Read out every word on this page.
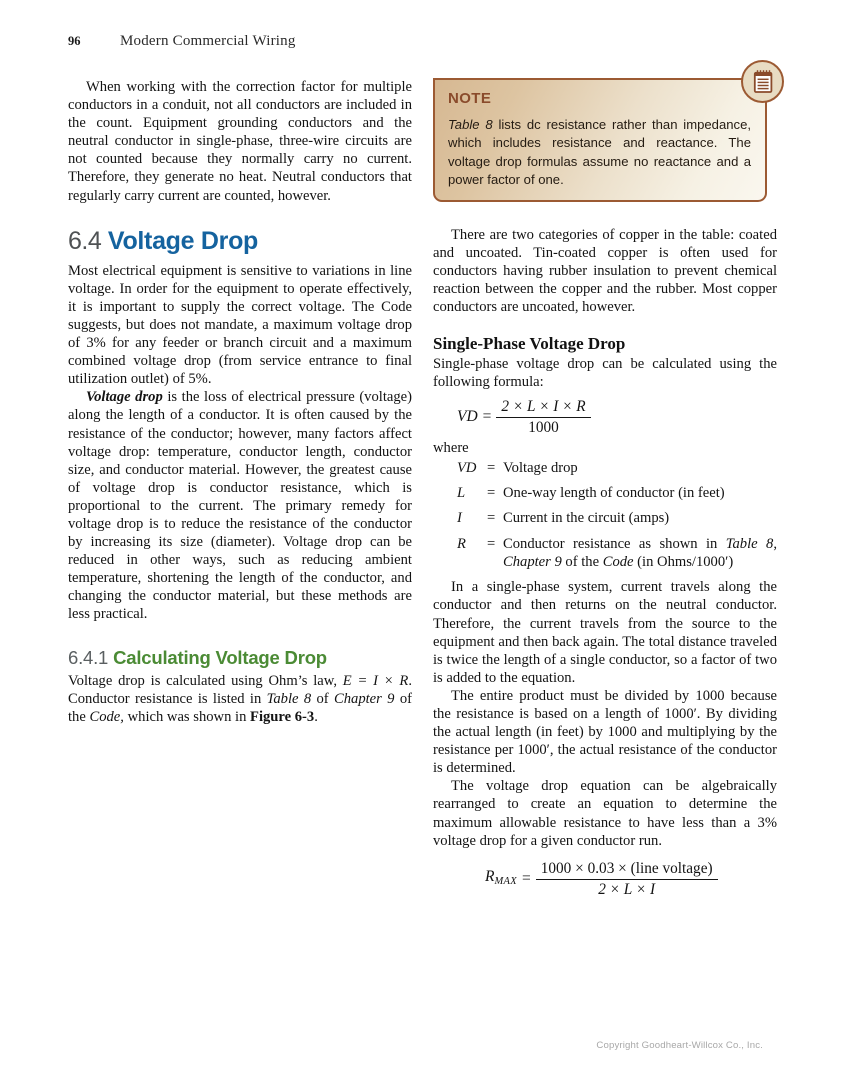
96	Modern Commercial Wiring

When working with the correction factor for multiple conductors in a conduit, not all conductors are included in the count. Equipment grounding conductors and the neutral conductor in single-phase, three-wire circuits are not counted because they normally carry no current. Therefore, they generate no heat. Neutral conductors that regularly carry current are counted, however.

6.4 Voltage Drop

Most electrical equipment is sensitive to variations in line voltage. In order for the equipment to operate effectively, it is important to supply the correct voltage. The Code suggests, but does not mandate, a maximum voltage drop of 3% for any feeder or branch circuit and a maximum combined voltage drop (from service entrance to final utilization outlet) of 5%.

Voltage drop is the loss of electrical pressure (voltage) along the length of a conductor. It is often caused by the resistance of the conductor; however, many factors affect voltage drop: temperature, conductor length, conductor size, and conductor material. However, the greatest cause of voltage drop is conductor resistance, which is proportional to the current. The primary remedy for voltage drop is to reduce the resistance of the conductor by increasing its size (diameter). Voltage drop can be reduced in other ways, such as reducing ambient temperature, shortening the length of the conductor, and changing the conductor material, but these methods are less practical.

6.4.1 Calculating Voltage Drop

Voltage drop is calculated using Ohm’s law, E = I × R. Conductor resistance is listed in Table 8 of Chapter 9 of the Code, which was shown in Figure 6-3.

NOTE

Table 8 lists dc resistance rather than impedance, which includes resistance and reactance. The voltage drop formulas assume no reactance and a power factor of one.

There are two categories of copper in the table: coated and uncoated. Tin-coated copper is often used for conductors having rubber insulation to prevent chemical reaction between the copper and the rubber. Most copper conductors are uncoated, however.

Single-Phase Voltage Drop

Single-phase voltage drop can be calculated using the following formula:

VD = $\frac{2 \times L \times I \times R}{1000}$
where
VD = Voltage drop
L	= One-way length of conductor (in feet)
I	= Current in the circuit (amps)
R	= Conductor resistance as shown in Table 8, Chapter 9 of the Code (in Ohms/1000′)

In a single-phase system, current travels along the conductor and then returns on the neutral conductor. Therefore, the current travels from the source to the equipment and then back again. The total distance traveled is twice the length of a single conductor, so a factor of two is added to the equation.

The entire product must be divided by 1000 because the resistance is based on a length of 1000′. By dividing the actual length (in feet) by 1000 and multiplying by the resistance per 1000′, the actual resistance of the conductor is determined.

The voltage drop equation can be algebraically rearranged to create an equation to determine the maximum allowable resistance to have less than a 3% voltage drop for a given conductor run.

$R_{MAX} = \frac{\text{1000 × 0.03 × (line voltage)}}{2 \times L \times I}$
Copyright Goodheart-Willcox Co., Inc.
